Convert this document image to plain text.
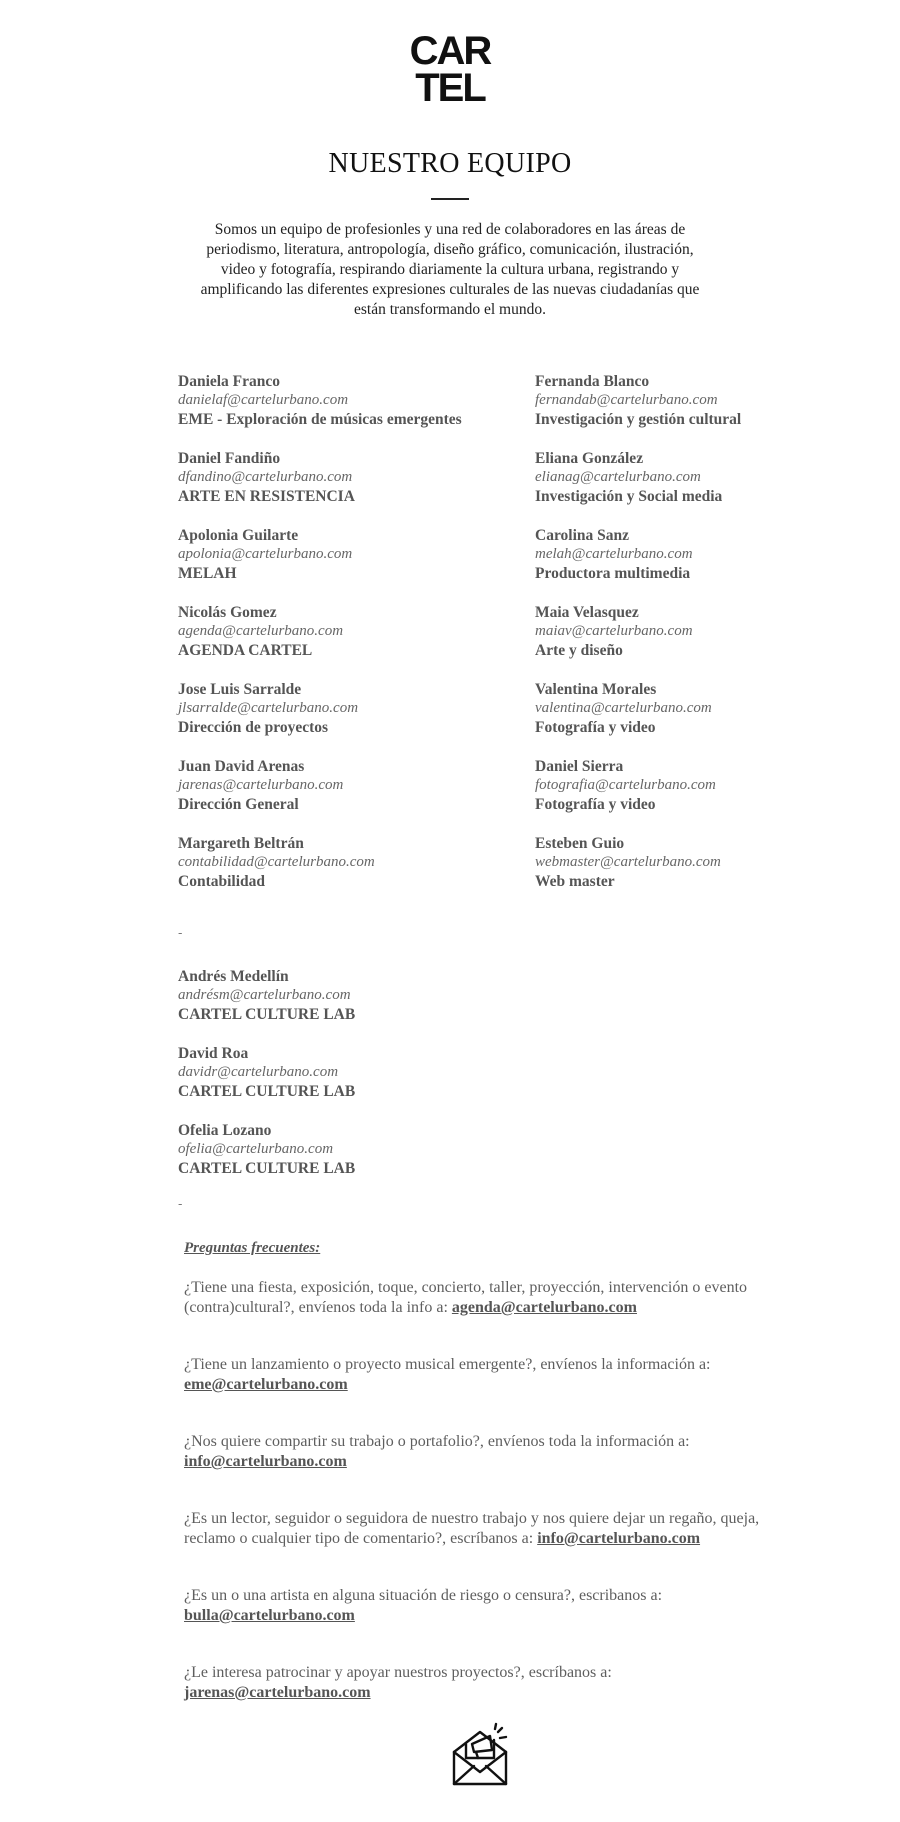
CAR
TEL
NUESTRO EQUIPO

Somos un equipo de profesionles y una red de colaboradores en las áreas de periodismo, literatura, antropología, diseño gráfico, comunicación, ilustración, video y fotografía, respirando diariamente la cultura urbana, registrando y amplificando las diferentes expresiones culturales de las nuevas ciudadanías que están transformando el mundo.

Daniela Franco
danielaf@cartelurbano.com
EME - Exploración de músicas emergentes
Daniel Fandiño
dfandino@cartelurbano.com
ARTE EN RESISTENCIA
Apolonia Guilarte
apolonia@cartelurbano.com
MELAH
Nicolás Gomez
agenda@cartelurbano.com
AGENDA CARTEL
Jose Luis Sarralde
jlsarralde@cartelurbano.com
Dirección de proyectos
Juan David Arenas
jarenas@cartelurbano.com
Dirección General
Margareth Beltrán
contabilidad@cartelurbano.com
Contabilidad
Fernanda Blanco
fernandab@cartelurbano.com
Investigación y gestión cultural
Eliana González
elianag@cartelurbano.com
Investigación y Social media
Carolina Sanz
melah@cartelurbano.com
Productora multimedia
Maia Velasquez
maiav@cartelurbano.com
Arte y diseño
Valentina Morales
valentina@cartelurbano.com
Fotografía y video
Daniel Sierra
fotografia@cartelurbano.com
Fotografía y video
Esteben Guio
webmaster@cartelurbano.com
Web master
-
Andrés Medellín
andrésm@cartelurbano.com
CARTEL CULTURE LAB
David Roa
davidr@cartelurbano.com
CARTEL CULTURE LAB
Ofelia Lozano
ofelia@cartelurbano.com
CARTEL CULTURE LAB
-

Preguntas frecuentes:

¿Tiene una fiesta, exposición, toque, concierto, taller, proyección, intervención o evento (contra)cultural?, envíenos toda la info a: agenda@cartelurbano.com
¿Tiene un lanzamiento o proyecto musical emergente?, envíenos la información a: eme@cartelurbano.com
¿Nos quiere compartir su trabajo o portafolio?, envíenos toda la información a: info@cartelurbano.com
¿Es un lector, seguidor o seguidora de nuestro trabajo y nos quiere dejar un regaño, queja, reclamo o cualquier tipo de comentario?, escríbanos a: info@cartelurbano.com
¿Es un o una artista en alguna situación de riesgo o censura?, escribanos a: bulla@cartelurbano.com
¿Le interesa patrocinar y apoyar nuestros proyectos?, escríbanos a: jarenas@cartelurbano.com
